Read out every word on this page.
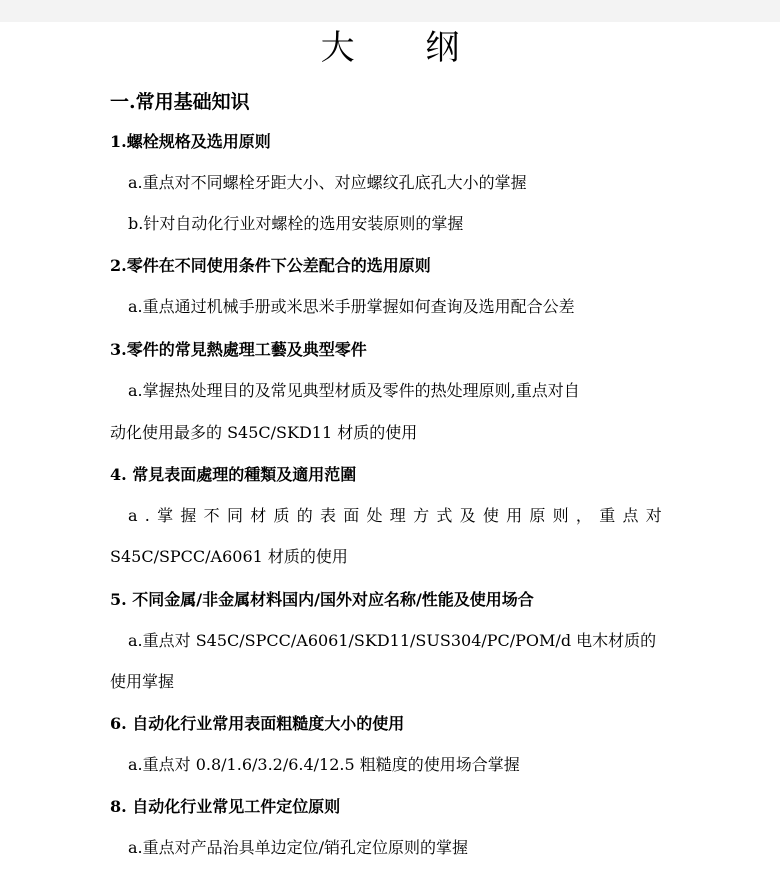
大 纲
一.常用基础知识
1.螺栓规格及选用原则
a.重点对不同螺栓牙距大小、对应螺纹孔底孔大小的掌握
b.针对自动化行业对螺栓的选用安装原则的掌握
2.零件在不同使用条件下公差配合的选用原则
a.重点通过机械手册或米思米手册掌握如何查询及选用配合公差
3.零件的常見熱處理工藝及典型零件
a.掌握热处理目的及常见典型材质及零件的热处理原则,重点对自
动化使用最多的 S45C/SKD11 材质的使用
4. 常見表面處理的種類及適用范圍
a . 掌 握 不 同 材 质 的 表 面 处 理 方 式 及 使 用 原 则 ， 重 点 对
S45C/SPCC/A6061 材质的使用
5. 不同金属/非金属材料国内/国外对应名称/性能及使用场合
a.重点对 S45C/SPCC/A6061/SKD11/SUS304/PC/POM/d 电木材质的
使用掌握
6. 自动化行业常用表面粗糙度大小的使用
a.重点对 0.8/1.6/3.2/6.4/12.5 粗糙度的使用场合掌握
8. 自动化行业常见工件定位原则
a.重点对产品治具单边定位/销孔定位原则的掌握
